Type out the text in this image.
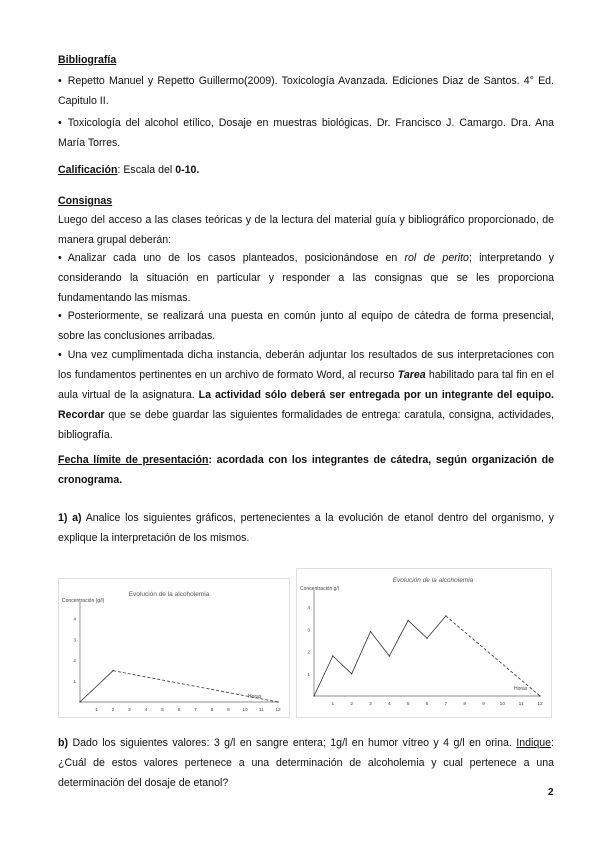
Bibliografía
• Repetto Manuel y Repetto Guillermo(2009). Toxicología Avanzada. Ediciones Diaz de Santos. 4° Ed. Capitulo II.
• Toxicología del alcohol etílico, Dosaje en muestras biológicas. Dr. Francisco J. Camargo. Dra. Ana María Torres.
Calificación: Escala del 0-10.
Consignas
Luego del acceso a las clases teóricas y de la lectura del material guía y bibliográfico proporcionado, de manera grupal deberán:
• Analizar cada uno de los casos planteados, posicionándose en rol de perito; interpretando y considerando la situación en particular y responder a las consignas que se les proporciona fundamentando las mismas.
• Posteriormente, se realizará una puesta en común junto al equipo de cátedra de forma presencial, sobre las conclusiones arribadas.
• Una vez cumplimentada dicha instancia, deberán adjuntar los resultados de sus interpretaciones con los fundamentos pertinentes en un archivo de formato Word, al recurso Tarea habilitado para tal fin en el aula virtual de la asignatura. La actividad sólo deberá ser entregada por un integrante del equipo. Recordar que se debe guardar las siguientes formalidades de entrega: caratula, consigna, actividades, bibliografía.
Fecha límite de presentación: acordada con los integrantes de cátedra, según organización de cronograma.
1) a) Analice los siguientes gráficos, pertenecientes a la evolución de etanol dentro del organismo, y explique la interpretación de los mismos.
Evolución de la alcoholemia
Concentración (g/l)
Horas
1	2	3	4	5	6	7	8	9	10 11 12
1
2
3
4
Evolución de la alcoholemia
Concentración g/l
Horas
1	2	3	4	5	6	7	8	9	10	11	12
1
2
3
4
b) Dado los siguientes valores: 3 g/l en sangre entera; 1g/l en humor vítreo y 4 g/l en orina. Indique: ¿Cuál de estos valores pertenece a una determinación de alcoholemia y cual pertenece a una determinación del dosaje de etanol?
2
